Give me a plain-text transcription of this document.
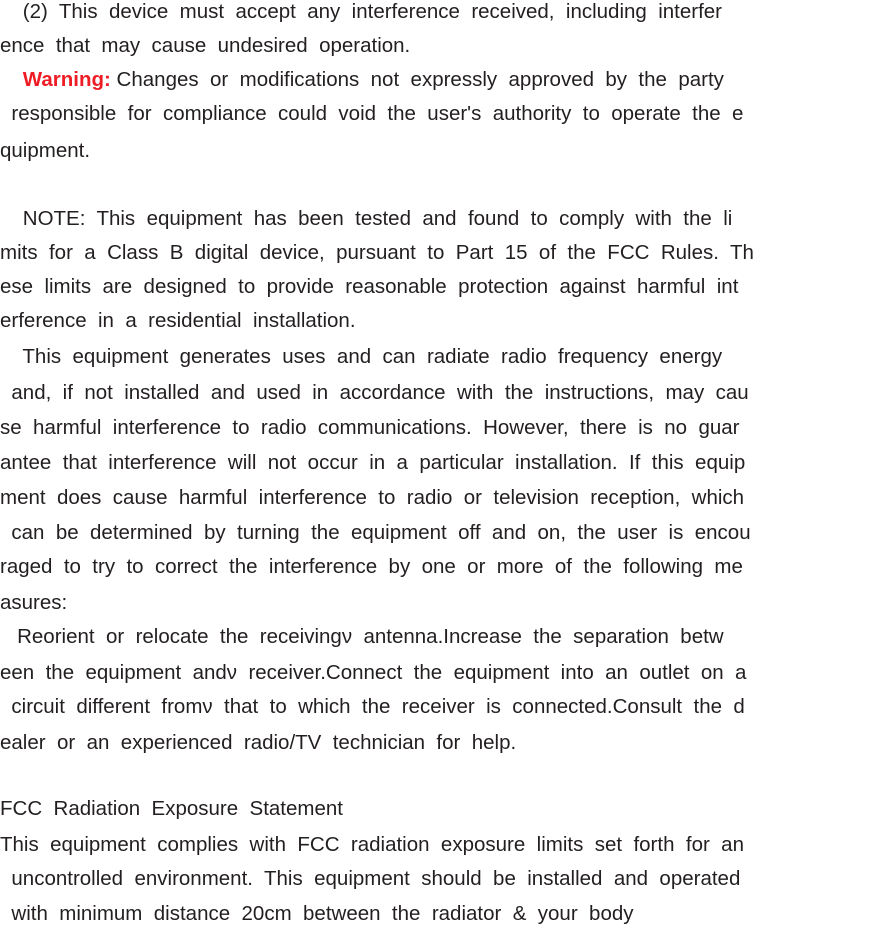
(2)  This  device  must  accept  any  interference  received,  including  interfer
ence  that  may  cause  undesired  operation.
Warning: Changes  or  modifications  not  expressly  approved  by  the  party
responsible  for  compliance  could  void  the  user's  authority  to  operate  the  e
quipment.
NOTE:  This  equipment  has  been  tested  and  found  to  comply  with  the  li
mits  for  a  Class  B  digital  device,  pursuant  to  Part  15  of  the  FCC  Rules.  Th
ese  limits  are  designed  to  provide  reasonable  protection  against  harmful  int
erference  in  a  residential  installation.
This  equipment  generates  uses  and  can  radiate  radio  frequency  energy
and,  if  not  installed  and  used  in  accordance  with  the  instructions,  may  cau
se  harmful  interference  to  radio  communications.  However,  there  is  no  guar
antee  that  interference  will  not  occur  in  a  particular  installation.  If  this  equip
ment  does  cause  harmful  interference  to  radio  or  television  reception,  which
can  be  determined  by  turning  the  equipment  off  and  on,  the  user  is  encou
raged  to  try  to  correct  the  interference  by  one  or  more  of  the  following  me
asures:
Reorient  or  relocate  the  receivingν  antenna.Increase  the  separation  betw
een  the  equipment  andν  receiver.Connect  the  equipment  into  an  outlet  on  a
circuit  different  fromν  that  to  which  the  receiver  is  connected.Consult  the  d
ealer  or  an  experienced  radio/TV  technician  for  help.
FCC  Radiation  Exposure  Statement
This  equipment  complies  with  FCC  radiation  exposure  limits  set  forth  for  an
uncontrolled  environment.  This  equipment  should  be  installed  and  operated
with  minimum  distance  20cm  between  the  radiator  &  your  body
